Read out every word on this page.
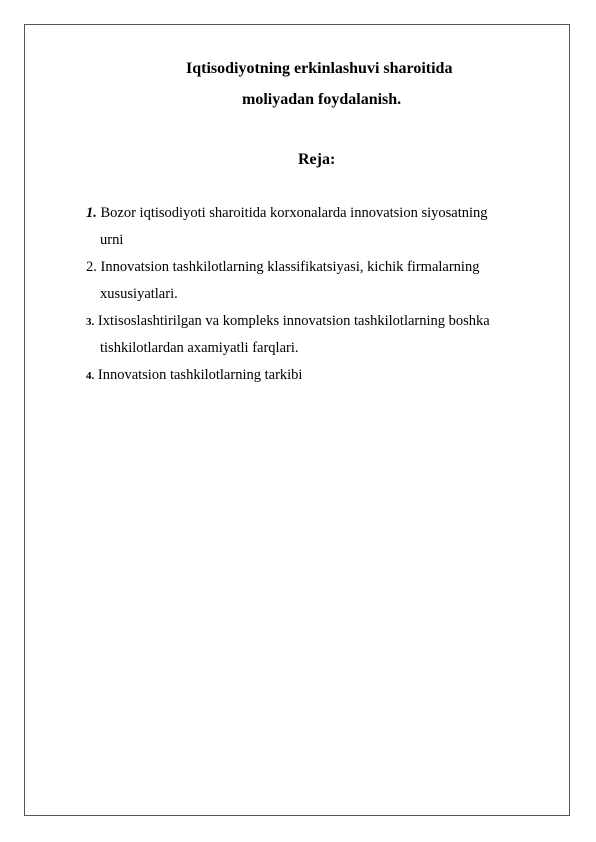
Iqtisodiyotning erkinlashuvi sharoitida
moliyadan foydalanish.
Reja:
1. Bozor iqtisodiyoti sharoitida korxonalarda innovatsion siyosatning
urni
2. Innovatsion tashkilotlarning klassifikatsiyasi, kichik firmalarning
xususiyatlari.
3. Ixtisoslashtirilgan va kompleks innovatsion tashkilotlarning boshka
tishkilotlardan axamiyatli farqlari.
4. Innovatsion tashkilotlarning tarkibi
